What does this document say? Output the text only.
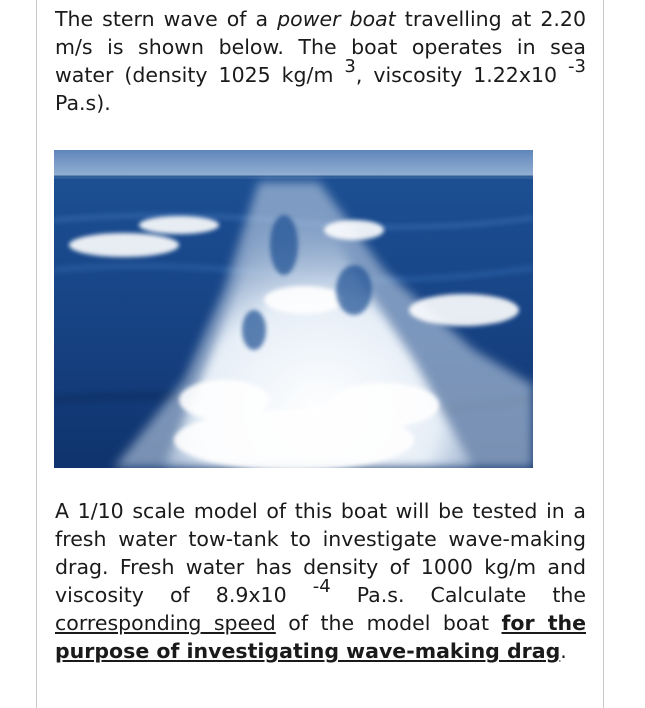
The stern wave of a power boat travelling at 2.20 m/s is shown below. The boat operates in sea water (density 1025 kg/m 3, viscosity 1.22x10 -3 Pa.s).

A 1/10 scale model of this boat will be tested in a fresh water tow-tank to investigate wave-making drag. Fresh water has density of 1000 kg/m and viscosity of 8.9x10 -4 Pa.s. Calculate the corresponding speed of the model boat for the purpose of investigating wave-making drag.
